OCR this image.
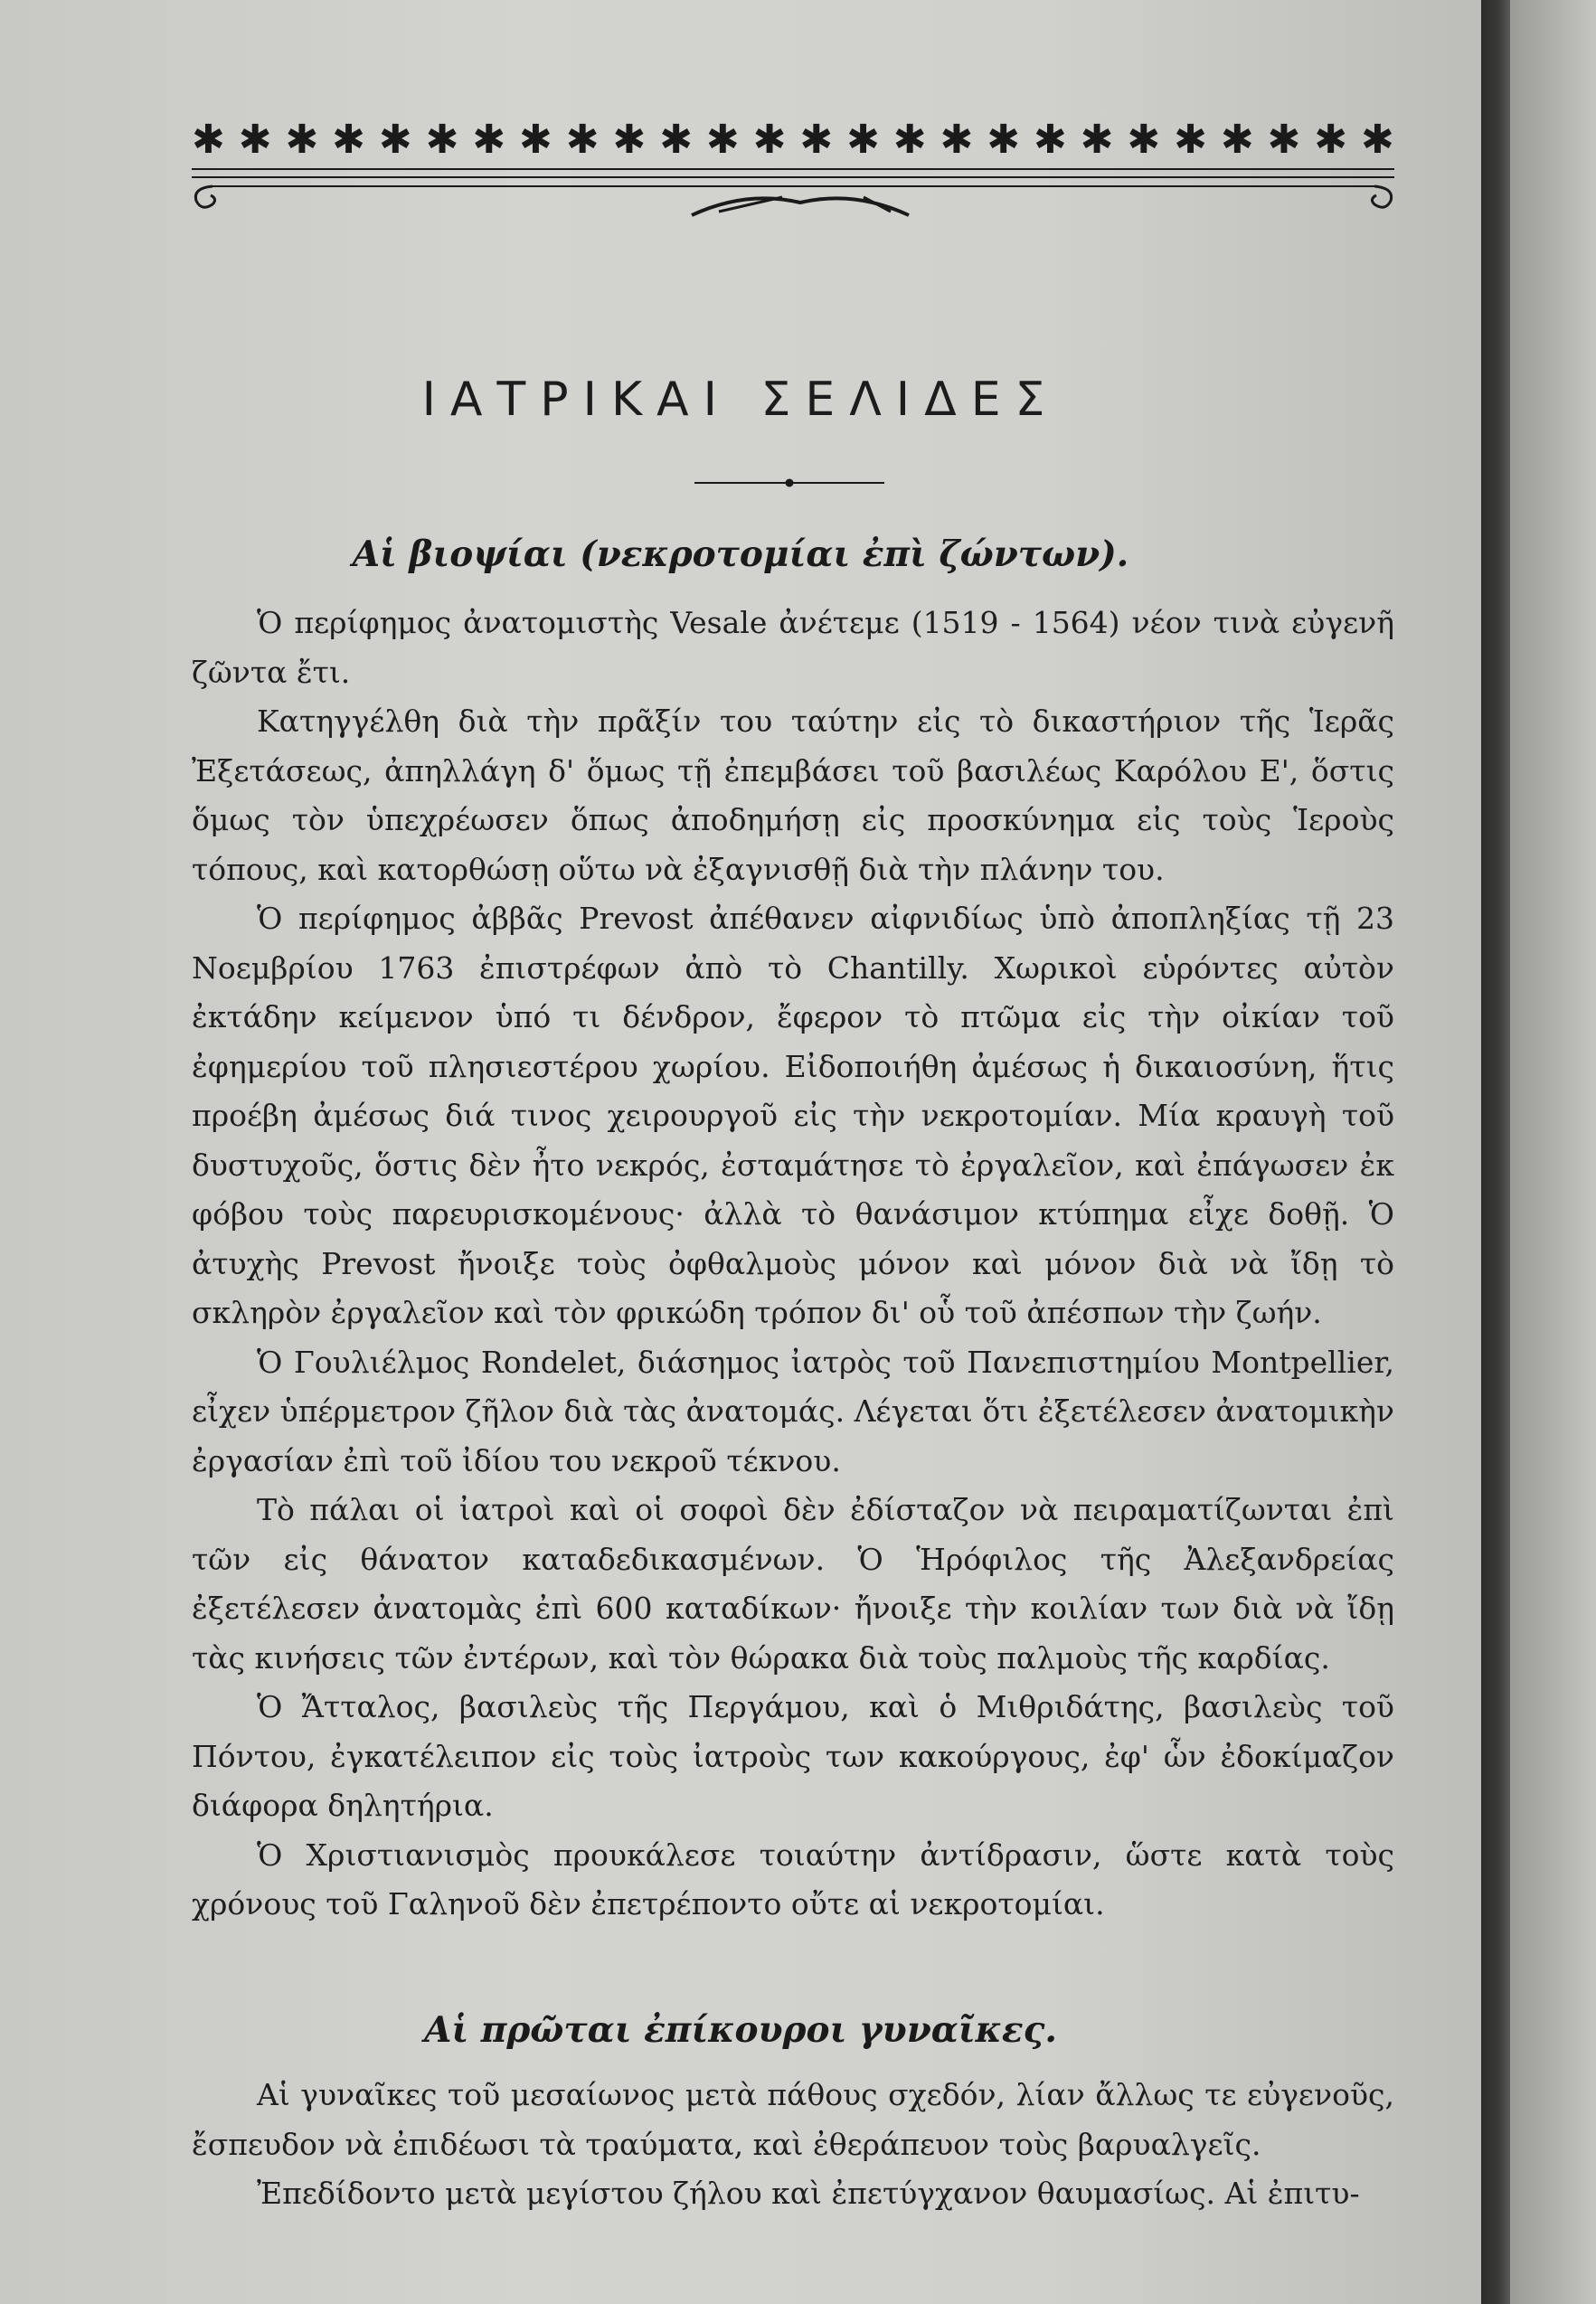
✱ ✱ ✱ ✱ ✱ ✱ ✱ ✱ ✱ ✱ ✱ ✱ ✱ ✱ ✱ ✱ ✱ ✱ ✱ ✱ ✱ ✱ ✱ ✱ ✱ ✱
ΙΑΤΡΙΚΑΙ ΣΕΛΙΔΕΣ
Αἱ βιοψίαι (νεκροτομίαι ἐπὶ ζώντων).

Ὁ περίφημος ἀνατομιστὴς Vesale ἀνέτεμε (1519 - 1564) νέον τινὰ εὐγενῆ ζῶντα ἔτι.

Κατηγγέλθη διὰ τὴν πρᾶξίν του ταύτην εἰς τὸ δικαστήριον τῆς Ἱερᾶς Ἐξετάσεως, ἀπηλλάγη δ' ὅμως τῇ ἐπεμβάσει τοῦ βασιλέως Καρόλου Ε', ὅστις ὅμως τὸν ὑπεχρέωσεν ὅπως ἀποδημήσῃ εἰς προσκύνημα εἰς τοὺς Ἱεροὺς τόπους, καὶ κατορθώσῃ οὕτω νὰ ἐξαγνισθῇ διὰ τὴν πλάνην του.

Ὁ περίφημος ἀββᾶς Prevost ἀπέθανεν αἰφνιδίως ὑπὸ ἀποπληξίας τῇ 23 Νοεμβρίου 1763 ἐπιστρέφων ἀπὸ τὸ Chantilly. Χωρικοὶ εὑρόντες αὐτὸν ἐκτάδην κείμενον ὑπό τι δένδρον, ἔφερον τὸ πτῶμα εἰς τὴν οἰκίαν τοῦ ἐφημερίου τοῦ πλησιεστέρου χωρίου. Εἰδοποιήθη ἀμέσως ἡ δικαιοσύνη, ἥτις προέβη ἀμέσως διά τινος χειρουργοῦ εἰς τὴν νεκροτομίαν. Μία κραυγὴ τοῦ δυστυχοῦς, ὅστις δὲν ἦτο νεκρός, ἐσταμάτησε τὸ ἐργαλεῖον, καὶ ἐπάγωσεν ἐκ φόβου τοὺς παρευρισκομένους· ἀλλὰ τὸ θανάσιμον κτύπημα εἶχε δοθῇ. Ὁ ἀτυχὴς Prevost ἤνοιξε τοὺς ὀφθαλμοὺς μόνον καὶ μόνον διὰ νὰ ἴδῃ τὸ σκληρὸν ἐργαλεῖον καὶ τὸν φρικώδη τρόπον δι' οὗ τοῦ ἀπέσπων τὴν ζωήν.

Ὁ Γουλιέλμος Rondelet, διάσημος ἰατρὸς τοῦ Πανεπιστημίου Montpellier, εἶχεν ὑπέρμετρον ζῆλον διὰ τὰς ἀνατομάς. Λέγεται ὅτι ἐξετέλεσεν ἀνατομικὴν ἐργασίαν ἐπὶ τοῦ ἰδίου του νεκροῦ τέκνου.

Τὸ πάλαι οἱ ἰατροὶ καὶ οἱ σοφοὶ δὲν ἐδίσταζον νὰ πειραματίζωνται ἐπὶ τῶν εἰς θάνατον καταδεδικασμένων. Ὁ Ἡρόφιλος τῆς Ἀλεξανδρείας ἐξετέλεσεν ἀνατομὰς ἐπὶ 600 καταδίκων· ἤνοιξε τὴν κοιλίαν των διὰ νὰ ἴδῃ τὰς κινήσεις τῶν ἐντέρων, καὶ τὸν θώρακα διὰ τοὺς παλμοὺς τῆς καρδίας.

Ὁ Ἄτταλος, βασιλεὺς τῆς Περγάμου, καὶ ὁ Μιθριδάτης, βασιλεὺς τοῦ Πόντου, ἐγκατέλειπον εἰς τοὺς ἰατροὺς των κακούργους, ἐφ' ὧν ἐδοκίμαζον διάφορα δηλητήρια.

Ὁ Χριστιανισμὸς προυκάλεσε τοιαύτην ἀντίδρασιν, ὥστε κατὰ τοὺς χρόνους τοῦ Γαληνοῦ δὲν ἐπετρέποντο οὔτε αἱ νεκροτομίαι.

Αἱ πρῶται ἐπίκουροι γυναῖκες.

Αἱ γυναῖκες τοῦ μεσαίωνος μετὰ πάθους σχεδόν, λίαν ἄλλως τε εὐγενοῦς, ἔσπευδον νὰ ἐπιδέωσι τὰ τραύματα, καὶ ἐθεράπευον τοὺς βαρυαλγεῖς.

Ἐπεδίδοντο μετὰ μεγίστου ζήλου καὶ ἐπετύγχανον θαυμασίως. Αἱ ἐπιτυ-
